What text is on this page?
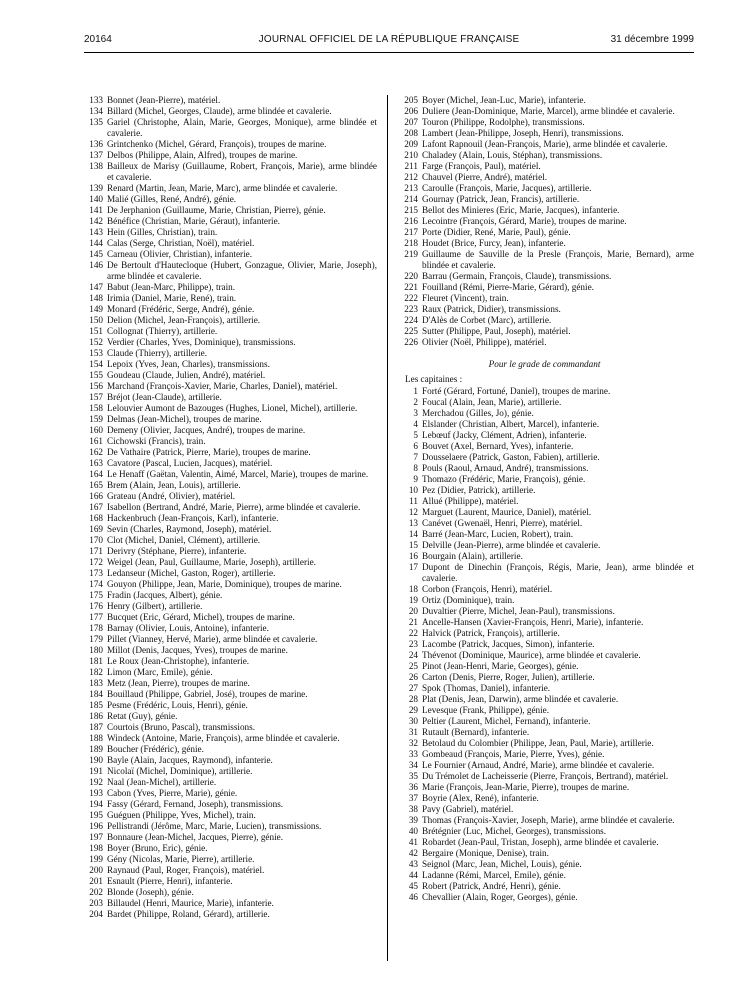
20164	JOURNAL OFFICIEL DE LA RÉPUBLIQUE FRANÇAISE	31 décembre 1999
133 Bonnet (Jean-Pierre), matériel.
134 Billard (Michel, Georges, Claude), arme blindée et cavalerie.
135 Gariel (Christophe, Alain, Marie, Georges, Monique), arme blindée et cavalerie.
136 Grintchenko (Michel, Gérard, François), troupes de marine.
137 Delbos (Philippe, Alain, Alfred), troupes de marine.
138 Bailleux de Marisy (Guillaume, Robert, François, Marie), arme blindée et cavalerie.
139 Renard (Martin, Jean, Marie, Marc), arme blindée et cavalerie.
140 Malié (Gilles, René, André), génie.
141 De Jerphanion (Guillaume, Marie, Christian, Pierre), génie.
142 Bénéfice (Christian, Marie, Géraut), infanterie.
143 Hein (Gilles, Christian), train.
144 Calas (Serge, Christian, Noël), matériel.
145 Carneau (Olivier, Christian), infanterie.
146 De Bertoult d'Hautecloque (Hubert, Gonzague, Olivier, Marie, Joseph), arme blindée et cavalerie.
147 Babut (Jean-Marc, Philippe), train.
148 Irimia (Daniel, Marie, René), train.
149 Monard (Frédéric, Serge, André), génie.
150 Delion (Michel, Jean-François), artillerie.
151 Collognat (Thierry), artillerie.
152 Verdier (Charles, Yves, Dominique), transmissions.
153 Claude (Thierry), artillerie.
154 Lepoix (Yves, Jean, Charles), transmissions.
155 Goudeau (Claude, Julien, André), matériel.
156 Marchand (François-Xavier, Marie, Charles, Daniel), matériel.
157 Bréjot (Jean-Claude), artillerie.
158 Lelouvier Aumont de Bazouges (Hughes, Lionel, Michel), artillerie.
159 Delmas (Jean-Michel), troupes de marine.
160 Demeny (Olivier, Jacques, André), troupes de marine.
161 Cichowski (Francis), train.
162 De Vathaire (Patrick, Pierre, Marie), troupes de marine.
163 Cavatore (Pascal, Lucien, Jacques), matériel.
164 Le Henaff (Gaëtan, Valentin, Aimé, Marcel, Marie), troupes de marine.
165 Brem (Alain, Jean, Louis), artillerie.
166 Grateau (André, Olivier), matériel.
167 Isabellon (Bertrand, André, Marie, Pierre), arme blindée et cavalerie.
168 Hackenbruch (Jean-François, Karl), infanterie.
169 Sevin (Charles, Raymond, Joseph), matériel.
170 Clot (Michel, Daniel, Clément), artillerie.
171 Derivry (Stéphane, Pierre), infanterie.
172 Weigel (Jean, Paul, Guillaume, Marie, Joseph), artillerie.
173 Ledanseur (Michel, Gaston, Roger), artillerie.
174 Gouyon (Philippe, Jean, Marie, Dominique), troupes de marine.
175 Fradin (Jacques, Albert), génie.
176 Henry (Gilbert), artillerie.
177 Bucquet (Eric, Gérard, Michel), troupes de marine.
178 Barnay (Olivier, Louis, Antoine), infanterie.
179 Pillet (Vianney, Hervé, Marie), arme blindée et cavalerie.
180 Millot (Denis, Jacques, Yves), troupes de marine.
181 Le Roux (Jean-Christophe), infanterie.
182 Limon (Marc, Emile), génie.
183 Metz (Jean, Pierre), troupes de marine.
184 Bouillaud (Philippe, Gabriel, José), troupes de marine.
185 Pesme (Frédéric, Louis, Henri), génie.
186 Retat (Guy), génie.
187 Courtois (Bruno, Pascal), transmissions.
188 Windeck (Antoine, Marie, François), arme blindée et cavalerie.
189 Boucher (Frédéric), génie.
190 Bayle (Alain, Jacques, Raymond), infanterie.
191 Nicolaï (Michel, Dominique), artillerie.
192 Naal (Jean-Michel), artillerie.
193 Cabon (Yves, Pierre, Marie), génie.
194 Fassy (Gérard, Fernand, Joseph), transmissions.
195 Guéguen (Philippe, Yves, Michel), train.
196 Pellistrandi (Jérôme, Marc, Marie, Lucien), transmissions.
197 Bonnaure (Jean-Michel, Jacques, Pierre), génie.
198 Boyer (Bruno, Eric), génie.
199 Gény (Nicolas, Marie, Pierre), artillerie.
200 Raynaud (Paul, Roger, François), matériel.
201 Esnault (Pierre, Henri), infanterie.
202 Blonde (Joseph), génie.
203 Billaudel (Henri, Maurice, Marie), infanterie.
204 Bardet (Philippe, Roland, Gérard), artillerie.
205 Boyer (Michel, Jean-Luc, Marie), infanterie.
206 Duliere (Jean-Dominique, Marie, Marcel), arme blindée et cavalerie.
207 Touron (Philippe, Rodolphe), transmissions.
208 Lambert (Jean-Philippe, Joseph, Henri), transmissions.
209 Lafont Rapnouil (Jean-François, Marie), arme blindée et cavalerie.
210 Chaladey (Alain, Louis, Stéphan), transmissions.
211 Farge (François, Paul), matériel.
212 Chauvel (Pierre, André), matériel.
213 Caroulle (François, Marie, Jacques), artillerie.
214 Gournay (Patrick, Jean, Francis), artillerie.
215 Bellot des Minieres (Eric, Marie, Jacques), infanterie.
216 Lecointre (François, Gérard, Marie), troupes de marine.
217 Porte (Didier, René, Marie, Paul), génie.
218 Houdet (Brice, Furcy, Jean), infanterie.
219 Guillaume de Sauville de la Presle (François, Marie, Bernard), arme blindée et cavalerie.
220 Barrau (Germain, François, Claude), transmissions.
221 Fouilland (Rémi, Pierre-Marie, Gérard), génie.
222 Fleuret (Vincent), train.
223 Raux (Patrick, Didier), transmissions.
224 D'Alès de Corbet (Marc), artillerie.
225 Sutter (Philippe, Paul, Joseph), matériel.
226 Olivier (Noël, Philippe), matériel.
Pour le grade de commandant
Les capitaines :
1 Forté (Gérard, Fortuné, Daniel), troupes de marine.
2 Foucal (Alain, Jean, Marie), artillerie.
3 Merchadou (Gilles, Jo), génie.
4 Elslander (Christian, Albert, Marcel), infanterie.
5 Lebœuf (Jacky, Clément, Adrien), infanterie.
6 Bouvet (Axel, Bernard, Yves), infanterie.
7 Dousselaere (Patrick, Gaston, Fabien), artillerie.
8 Pouls (Raoul, Arnaud, André), transmissions.
9 Thomazo (Frédéric, Marie, François), génie.
10 Pez (Didier, Patrick), artillerie.
11 Allué (Philippe), matériel.
12 Marguet (Laurent, Maurice, Daniel), matériel.
13 Canévet (Gwenaël, Henri, Pierre), matériel.
14 Barré (Jean-Marc, Lucien, Robert), train.
15 Delville (Jean-Pierre), arme blindée et cavalerie.
16 Bourgain (Alain), artillerie.
17 Dupont de Dinechin (François, Régis, Marie, Jean), arme blindée et cavalerie.
18 Corbon (François, Henri), matériel.
19 Ortiz (Dominique), train.
20 Duvaltier (Pierre, Michel, Jean-Paul), transmissions.
21 Ancelle-Hansen (Xavier-François, Henri, Marie), infanterie.
22 Halvick (Patrick, François), artillerie.
23 Lacombe (Patrick, Jacques, Simon), infanterie.
24 Thévenot (Dominique, Maurice), arme blindée et cavalerie.
25 Pinot (Jean-Henri, Marie, Georges), génie.
26 Carton (Denis, Pierre, Roger, Julien), artillerie.
27 Spok (Thomas, Daniel), infanterie.
28 Plat (Denis, Jean, Darwin), arme blindée et cavalerie.
29 Levesque (Frank, Philippe), génie.
30 Peltier (Laurent, Michel, Fernand), infanterie.
31 Rutault (Bernard), infanterie.
32 Betolaud du Colombier (Philippe, Jean, Paul, Marie), artillerie.
33 Gombeaud (François, Marie, Pierre, Yves), génie.
34 Le Fournier (Arnaud, André, Marie), arme blindée et cavalerie.
35 Du Trémolet de Lacheisserie (Pierre, François, Bertrand), matériel.
36 Marie (François, Jean-Marie, Pierre), troupes de marine.
37 Boyrie (Alex, René), infanterie.
38 Pavy (Gabriel), matériel.
39 Thomas (François-Xavier, Joseph, Marie), arme blindée et cavalerie.
40 Brétégnier (Luc, Michel, Georges), transmissions.
41 Robardet (Jean-Paul, Tristan, Joseph), arme blindée et cavalerie.
42 Bergaire (Monique, Denise), train.
43 Seignol (Marc, Jean, Michel, Louis), génie.
44 Ladanne (Rémi, Marcel, Emile), génie.
45 Robert (Patrick, André, Henri), génie.
46 Chevallier (Alain, Roger, Georges), génie.
